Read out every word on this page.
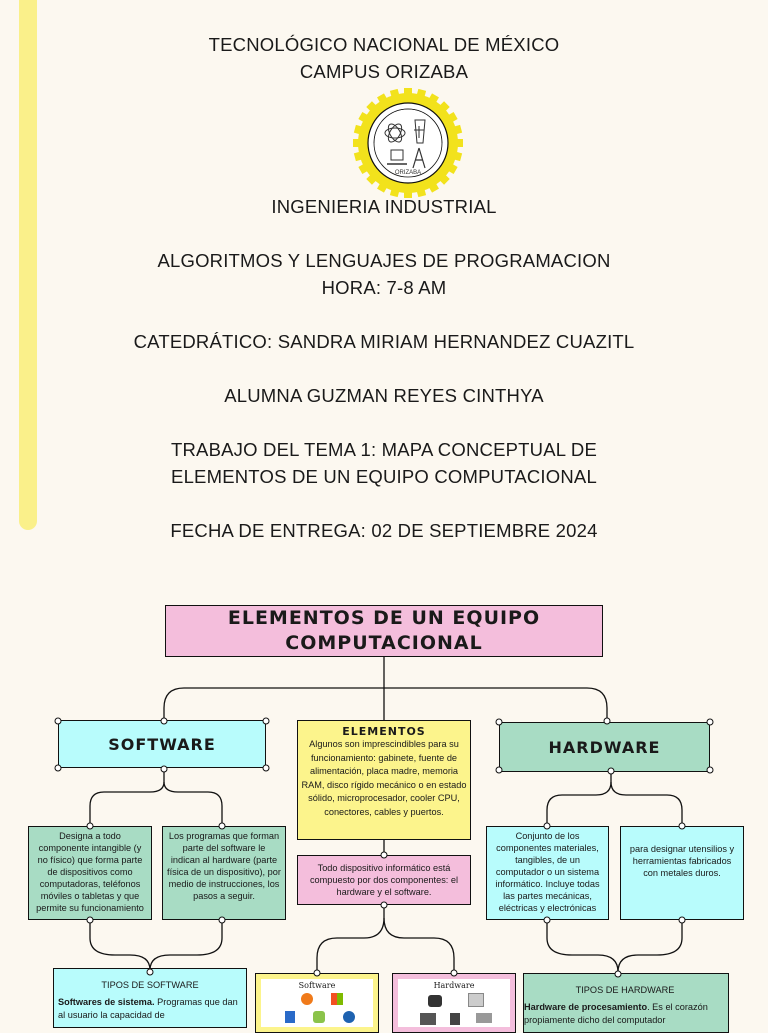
TECNOLÓGICO NACIONAL DE MÉXICO
CAMPUS ORIZABA
ORIZABA
INGENIERIA INDUSTRIAL
ALGORITMOS Y LENGUAJES DE PROGRAMACION
HORA: 7-8 AM
CATEDRÁTICO: SANDRA MIRIAM HERNANDEZ CUAZITL
ALUMNA GUZMAN REYES CINTHYA
TRABAJO DEL TEMA 1: MAPA CONCEPTUAL DE
ELEMENTOS DE UN EQUIPO COMPUTACIONAL
FECHA DE ENTREGA: 02 DE SEPTIEMBRE 2024
ELEMENTOS DE UN EQUIPO COMPUTACIONAL
SOFTWARE
Designa a todo componente intangible (y no físico) que forma parte de dispositivos como computadoras, teléfonos móviles o tabletas y que permite su funcionamiento
Los programas que forman parte del software le indican al hardware (parte física de un dispositivo), por medio de instrucciones, los pasos a seguir.
TIPOS DE SOFTWARE
Softwares de sistema. Programas que dan al usuario la capacidad de
ELEMENTOS
Algunos son imprescindibles para su funcionamiento: gabinete, fuente de alimentación, placa madre, memoria RAM, disco rígido mecánico o en estado sólido, microprocesador, cooler CPU, conectores, cables y puertos.
Todo dispositivo informático está compuesto por dos componentes: el hardware y el software.
Software	Hardware
HARDWARE
Conjunto de los componentes materiales, tangibles, de un computador o un sistema informático. Incluye todas las partes mecánicas, eléctricas y electrónicas
para designar utensilios y herramientas fabricados con metales duros.
TIPOS DE HARDWARE
Hardware de procesamiento. Es el corazón propiamente dicho del computador
